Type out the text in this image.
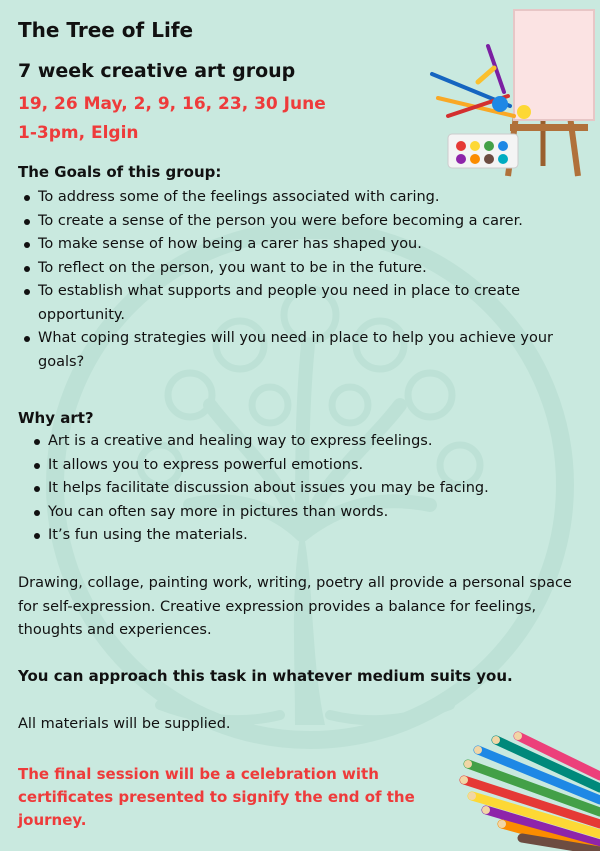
The Tree of Life
7 week creative art group
19, 26 May, 2, 9, 16, 23, 30 June
1-3pm, Elgin
The Goals of this group:
To address some of the feelings associated with caring.
To create a sense of the person you were before becoming a carer.
To make sense of how being a carer has shaped you.
To reflect on the person, you want to be in the future.
To establish what supports and people you need in place to create opportunity.
What coping strategies will you need in place to help you achieve your goals?
Why art?
Art is a creative and healing way to express feelings.
It allows you to express powerful emotions.
It helps facilitate discussion about issues you may be facing.
You can often say more in pictures than words.
It’s fun using the materials.
Drawing, collage, painting work, writing, poetry all provide a personal space for self-expression. Creative expression provides a balance for feelings, thoughts and experiences.
You can approach this task in whatever medium suits you.
All materials will be supplied.
The final session will be a celebration with certificates presented to signify the end of the journey.
